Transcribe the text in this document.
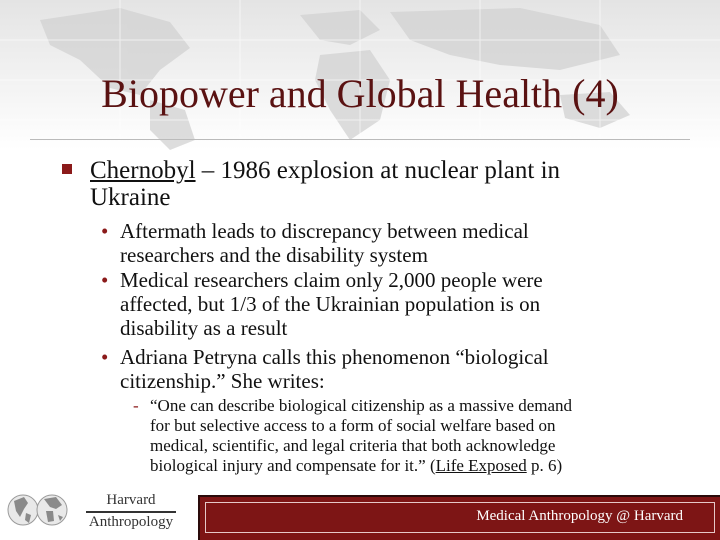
Biopower and Global Health (4)
Chernobyl – 1986 explosion at nuclear plant in
Ukraine
• Aftermath leads to discrepancy between medical
researchers and the disability system
• Medical researchers claim only 2,000 people were
affected, but 1/3 of the Ukrainian population is on
disability as a result
• Adriana Petryna calls this phenomenon “biological
citizenship.” She writes:
- “One can describe biological citizenship as a massive demand
for but selective access to a form of social welfare based on
medical, scientific, and legal criteria that both acknowledge
biological injury and compensate for it.” (Life Exposed p. 6)
Harvard
Anthropology	Medical Anthropology @ Harvard
